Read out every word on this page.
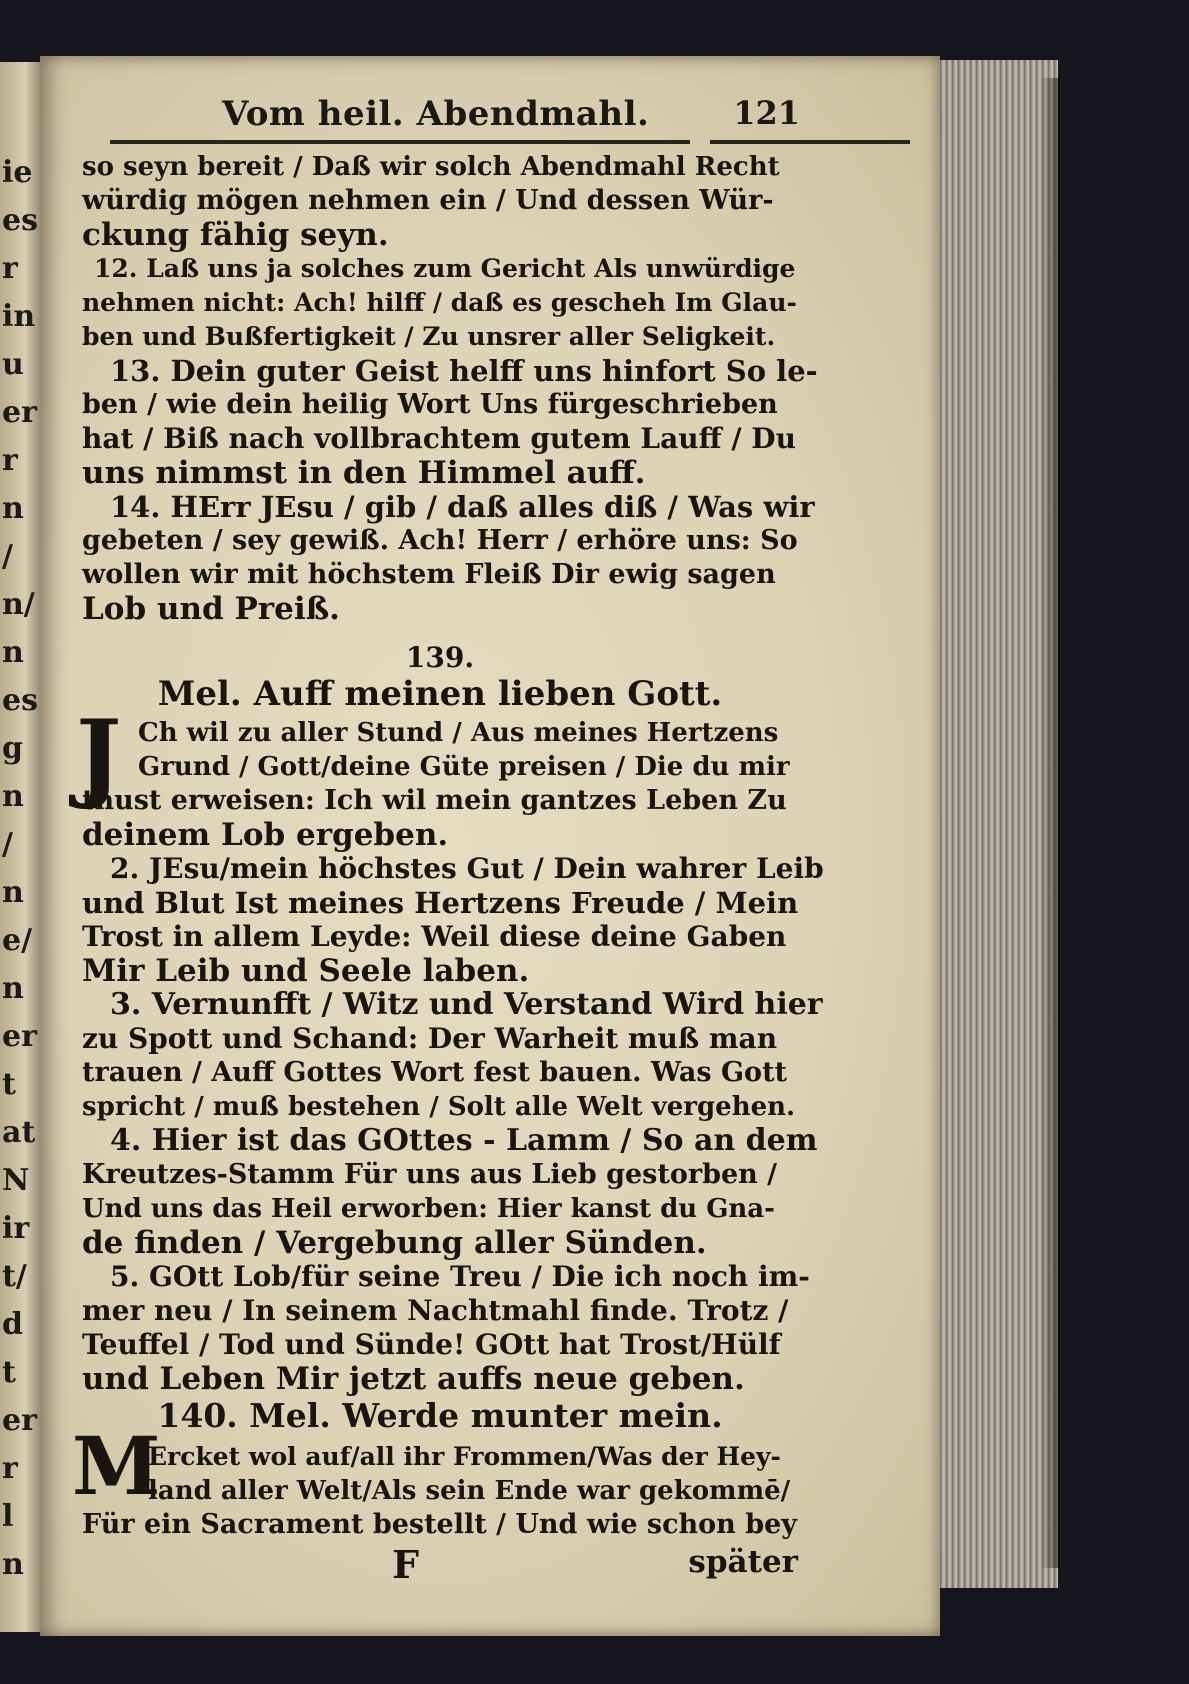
ie
es
r
in
u
er
r
n
/
n/
n
es
g
n
/
n
e/
n
er
t
at
N
ir
t/
d
t
er
r
l
n
Vom heil. Abendmahl.	121
so seyn bereit / Daß wir solch Abendmahl Recht
würdig mögen nehmen ein / Und dessen Wür-
ckung fähig seyn.
12. Laß uns ja solches zum Gericht Als unwürdige
nehmen nicht: Ach! hilff / daß es gescheh Im Glau-
ben und Bußfertigkeit / Zu unsrer aller Seligkeit.
13. Dein guter Geist helff uns hinfort So le-
ben / wie dein heilig Wort Uns fürgeschrieben
hat / Biß nach vollbrachtem gutem Lauff / Du
uns nimmst in den Himmel auff.
14. HErr JEsu / gib / daß alles diß / Was wir
gebeten / sey gewiß. Ach! Herr / erhöre uns: So
wollen wir mit höchstem Fleiß Dir ewig sagen
Lob und Preiß.
139.
Mel. Auff meinen lieben Gott.
J Ch wil zu aller Stund / Aus meines Hertzens
Grund / Gott/deine Güte preisen / Die du mir
thust erweisen: Ich wil mein gantzes Leben Zu
deinem Lob ergeben.
2. JEsu/mein höchstes Gut / Dein wahrer Leib
und Blut Ist meines Hertzens Freude / Mein
Trost in allem Leyde: Weil diese deine Gaben
Mir Leib und Seele laben.
3. Vernunfft / Witz und Verstand Wird hier
zu Spott und Schand: Der Warheit muß man
trauen / Auff Gottes Wort fest bauen. Was Gott
spricht / muß bestehen / Solt alle Welt vergehen.
4. Hier ist das GOttes - Lamm / So an dem
Kreutzes-Stamm Für uns aus Lieb gestorben /
Und uns das Heil erworben: Hier kanst du Gna-
de finden / Vergebung aller Sünden.
5. GOtt Lob/für seine Treu / Die ich noch im-
mer neu / In seinem Nachtmahl finde. Trotz /
Teuffel / Tod und Sünde! GOtt hat Trost/Hülf
und Leben Mir jetzt auffs neue geben.
140. Mel. Werde munter mein.
M
Ercket wol auf/all ihr Frommen/Was der Hey-
land aller Welt/Als sein Ende war gekommē/
Für ein Sacrament bestellt / Und wie schon bey
F	später
